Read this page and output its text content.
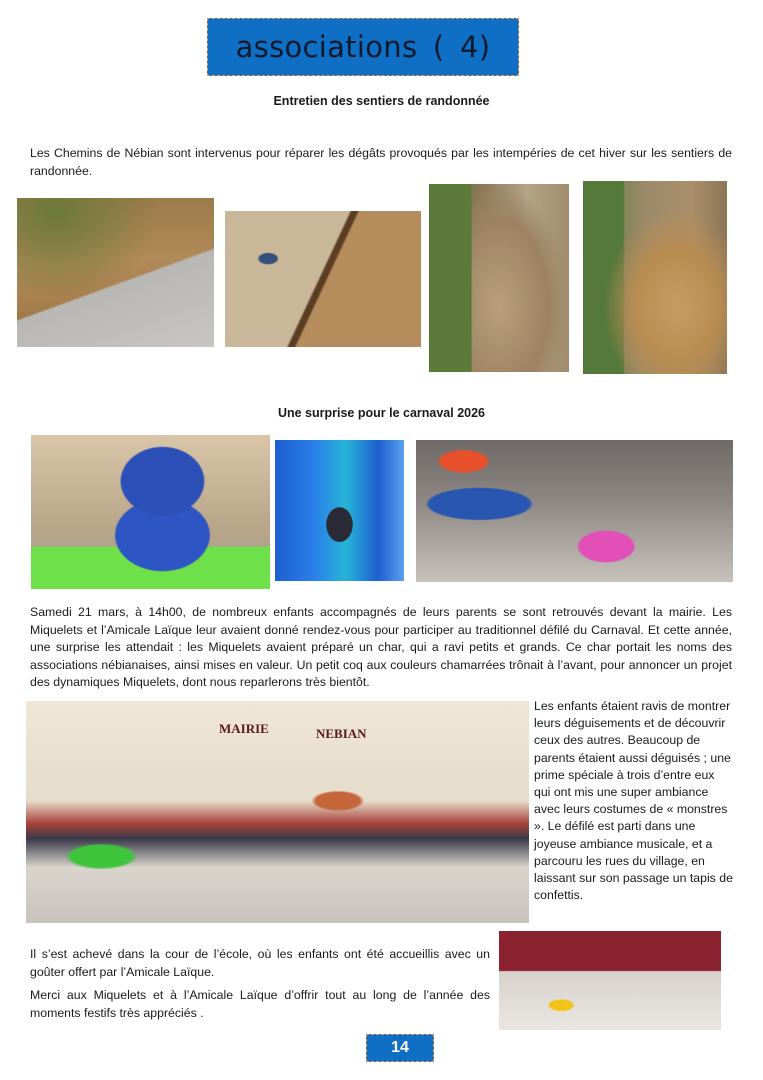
associations ( 4)
Entretien des sentiers de randonnée
Les Chemins de Nébian sont intervenus pour réparer les dégâts provoqués par les intempéries de cet hiver sur les sentiers de randonnée.
Une surprise pour le carnaval 2026
Samedi 21 mars, à 14h00, de nombreux enfants accompagnés de leurs parents se sont retrouvés devant la mairie. Les Miquelets et l’Amicale Laïque leur avaient donné rendez-vous pour participer au traditionnel défilé du Carnaval. Et cette année, une surprise les attendait : les Miquelets avaient préparé un char, qui a ravi petits et grands. Ce char portait les noms des associations nébianaises, ainsi mises en valeur. Un petit coq aux couleurs chamarrées trônait à l’avant, pour annoncer un projet des dynamiques Miquelets, dont nous reparlerons très bientôt.
MAIRIE	NEBIAN
Les enfants étaient ravis de montrer leurs déguisements et de découvrir ceux des autres. Beaucoup de parents étaient aussi déguisés ; une prime spéciale à trois d’entre eux qui ont mis une super ambiance avec leurs costumes de « monstres ». Le défilé est parti dans une joyeuse ambiance musicale, et a parcouru les rues du village, en laissant sur son passage un tapis de confettis.
Il s’est achevé dans la cour de l’école, où les enfants ont été accueillis avec un goûter offert par l’Amicale Laïque.
Merci aux Miquelets et à l’Amicale Laïque d’offrir tout au long de l’année des moments festifs très appréciés .
14
